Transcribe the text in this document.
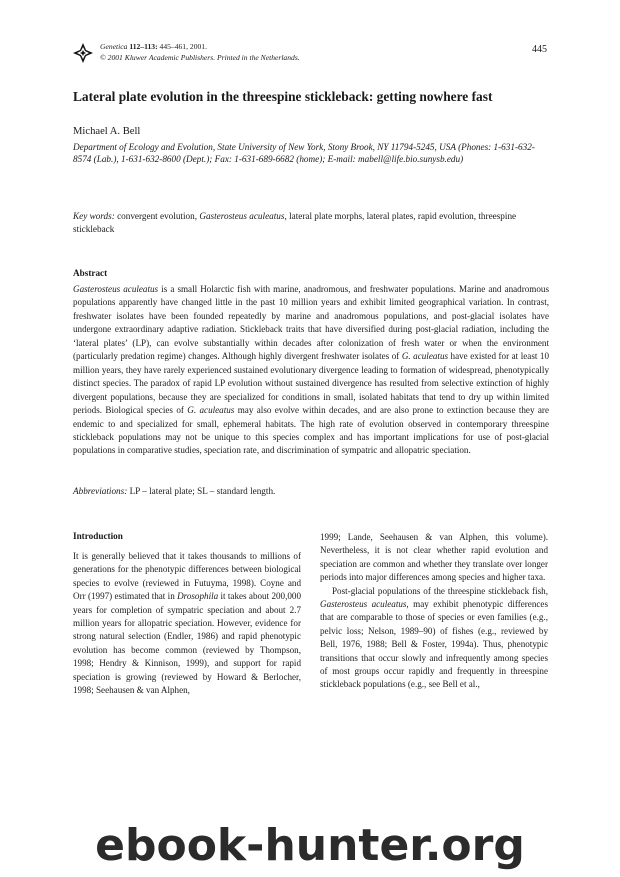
Genetica 112–113: 445–461, 2001.
© 2001 Kluwer Academic Publishers. Printed in the Netherlands.
445
Lateral plate evolution in the threespine stickleback: getting nowhere fast
Michael A. Bell
Department of Ecology and Evolution, State University of New York, Stony Brook, NY 11794-5245, USA (Phones: 1-631-632-8574 (Lab.), 1-631-632-8600 (Dept.); Fax: 1-631-689-6682 (home); E-mail: mabell@life.bio.sunysb.edu)
Key words: convergent evolution, Gasterosteus aculeatus, lateral plate morphs, lateral plates, rapid evolution, threespine stickleback
Abstract
Gasterosteus aculeatus is a small Holarctic fish with marine, anadromous, and freshwater populations. Marine and anadromous populations apparently have changed little in the past 10 million years and exhibit limited geographical variation. In contrast, freshwater isolates have been founded repeatedly by marine and anadromous populations, and post-glacial isolates have undergone extraordinary adaptive radiation. Stickleback traits that have diversified during post-glacial radiation, including the ‘lateral plates’ (LP), can evolve substantially within decades after colonization of fresh water or when the environment (particularly predation regime) changes. Although highly divergent freshwater isolates of G. aculeatus have existed for at least 10 million years, they have rarely experienced sustained evolutionary divergence leading to formation of widespread, phenotypically distinct species. The paradox of rapid LP evolution without sustained divergence has resulted from selective extinction of highly divergent populations, because they are specialized for conditions in small, isolated habitats that tend to dry up within limited periods. Biological species of G. aculeatus may also evolve within decades, and are also prone to extinction because they are endemic to and specialized for small, ephemeral habitats. The high rate of evolution observed in contemporary threespine stickleback populations may not be unique to this species complex and has important implications for use of post-glacial populations in comparative studies, speciation rate, and discrimination of sympatric and allopatric speciation.
Abbreviations: LP – lateral plate; SL – standard length.
Introduction

It is generally believed that it takes thousands to millions of generations for the phenotypic differences between biological species to evolve (reviewed in Futuyma, 1998). Coyne and Orr (1997) estimated that in Drosophila it takes about 200,000 years for completion of sympatric speciation and about 2.7 million years for allopatric speciation. However, evidence for strong natural selection (Endler, 1986) and rapid phenotypic evolution has become common (reviewed by Thompson, 1998; Hendry & Kinnison, 1999), and support for rapid speciation is growing (reviewed by Howard & Berlocher, 1998; Seehausen & van Alphen,

1999; Lande, Seehausen & van Alphen, this volume). Nevertheless, it is not clear whether rapid evolution and speciation are common and whether they translate over longer periods into major differences among species and higher taxa.

Post-glacial populations of the threespine stickleback fish, Gasterosteus aculeatus, may exhibit phenotypic differences that are comparable to those of species or even families (e.g., pelvic loss; Nelson, 1989–90) of fishes (e.g., reviewed by Bell, 1976, 1988; Bell & Foster, 1994a). Thus, phenotypic transitions that occur slowly and infrequently among species of most groups occur rapidly and frequently in threespine stickleback populations (e.g., see Bell et al.,

ebook-hunter.org
